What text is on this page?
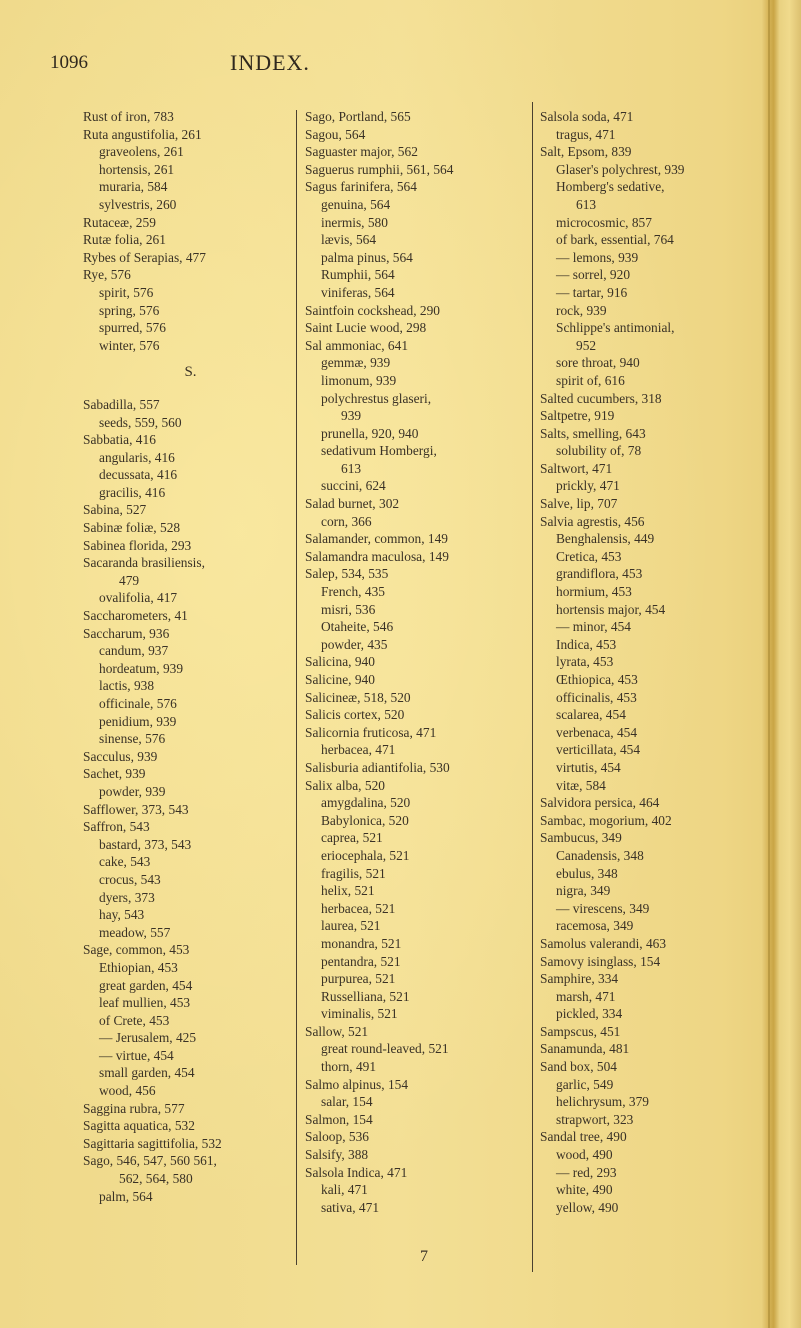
1096	INDEX.
Rust of iron, 783
Ruta angustifolia, 261
graveolens, 261
hortensis, 261
muraria, 584
sylvestris, 260
Rutaceæ, 259
Rutæ folia, 261
Rybes of Serapias, 477
Rye, 576
spirit, 576
spring, 576
spurred, 576
winter, 576
S.
Sabadilla, 557
seeds, 559, 560
Sabbatia, 416
angularis, 416
decussata, 416
gracilis, 416
Sabina, 527
Sabinæ foliæ, 528
Sabinea florida, 293
Sacaranda brasiliensis,
479
ovalifolia, 417
Saccharometers, 41
Saccharum, 936
candum, 937
hordeatum, 939
lactis, 938
officinale, 576
penidium, 939
sinense, 576
Sacculus, 939
Sachet, 939
powder, 939
Safflower, 373, 543
Saffron, 543
bastard, 373, 543
cake, 543
crocus, 543
dyers, 373
hay, 543
meadow, 557
Sage, common, 453
Ethiopian, 453
great garden, 454
leaf mullien, 453
of Crete, 453
— Jerusalem, 425
— virtue, 454
small garden, 454
wood, 456
Saggina rubra, 577
Sagitta aquatica, 532
Sagittaria sagittifolia, 532
Sago, 546, 547, 560 561,
562, 564, 580
palm, 564
Sago, Portland, 565
Sagou, 564
Saguaster major, 562
Saguerus rumphii, 561, 564
Sagus farinifera, 564
genuina, 564
inermis, 580
lævis, 564
palma pinus, 564
Rumphii, 564
viniferas, 564
Saintfoin cockshead, 290
Saint Lucie wood, 298
Sal ammoniac, 641
gemmæ, 939
limonum, 939
polychrestus glaseri,
939
prunella, 920, 940
sedativum Hombergi,
613
succini, 624
Salad burnet, 302
corn, 366
Salamander, common, 149
Salamandra maculosa, 149
Salep, 534, 535
French, 435
misri, 536
Otaheite, 546
powder, 435
Salicina, 940
Salicine, 940
Salicineæ, 518, 520
Salicis cortex, 520
Salicornia fruticosa, 471
herbacea, 471
Salisburia adiantifolia, 530
Salix alba, 520
amygdalina, 520
Babylonica, 520
caprea, 521
eriocephala, 521
fragilis, 521
helix, 521
herbacea, 521
laurea, 521
monandra, 521
pentandra, 521
purpurea, 521
Russelliana, 521
viminalis, 521
Sallow, 521
great round-leaved, 521
thorn, 491
Salmo alpinus, 154
salar, 154
Salmon, 154
Saloop, 536
Salsify, 388
Salsola Indica, 471
kali, 471
sativa, 471
Salsola soda, 471
tragus, 471
Salt, Epsom, 839
Glaser's polychrest, 939
Homberg's sedative,
613
microcosmic, 857
of bark, essential, 764
— lemons, 939
— sorrel, 920
— tartar, 916
rock, 939
Schlippe's antimonial,
952
sore throat, 940
spirit of, 616
Salted cucumbers, 318
Saltpetre, 919
Salts, smelling, 643
solubility of, 78
Saltwort, 471
prickly, 471
Salve, lip, 707
Salvia agrestis, 456
Benghalensis, 449
Cretica, 453
grandiflora, 453
hormium, 453
hortensis major, 454
— minor, 454
Indica, 453
lyrata, 453
Œthiopica, 453
officinalis, 453
scalarea, 454
verbenaca, 454
verticillata, 454
virtutis, 454
vitæ, 584
Salvidora persica, 464
Sambac, mogorium, 402
Sambucus, 349
Canadensis, 348
ebulus, 348
nigra, 349
— virescens, 349
racemosa, 349
Samolus valerandi, 463
Samovy isinglass, 154
Samphire, 334
marsh, 471
pickled, 334
Sampscus, 451
Sanamunda, 481
Sand box, 504
garlic, 549
helichrysum, 379
strapwort, 323
Sandal tree, 490
wood, 490
— red, 293
white, 490
yellow, 490
7
